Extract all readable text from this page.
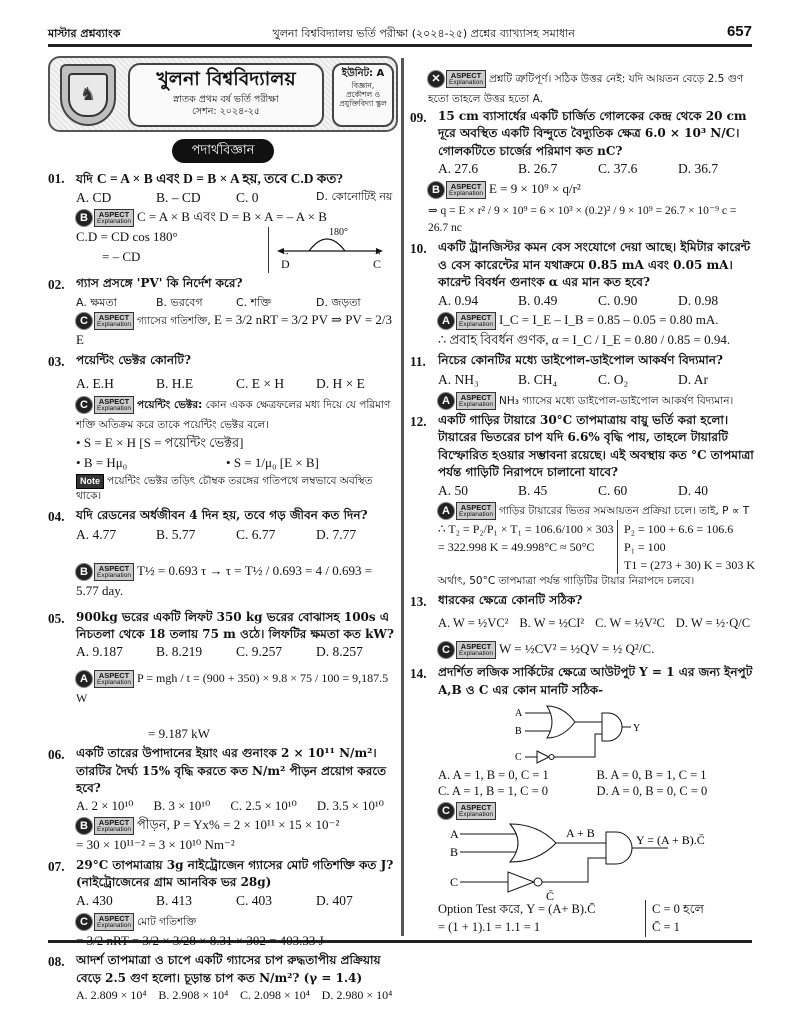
মাস্টার প্রশ্নব্যাংক	খুলনা বিশ্ববিদ্যালয় ভর্তি পরীক্ষা (২০২৪-২৫) প্রশ্নের ব্যাখ্যাসহ সমাধান	657
♞
খুলনা বিশ্ববিদ্যালয়
স্নাতক প্রথম বর্ষ ভর্তি পরীক্ষা
সেশন: ২০২৪-২৫
ইউনিট: A
বিজ্ঞান,
প্রকৌশল ও
প্রযুক্তিবিদ্যা স্কুল
পদার্থবিজ্ঞান
01. যদি C = A × B এবং D = B × A হয়, তবে C.D কত?
A. CD	B. – CD	C. 0	D. কোনোটিই নয়
B	ASPECT
Explanation C = A × B এবং D = B × A = – A × B
C.D = CD cos 180°
= – CD
180°
→ D	→ C
02. গ্যাস প্রসঙ্গে 'PV' কি নির্দেশ করে?
A. ক্ষমতা	B. ভরবেগ	C. শক্তি	D. জড়তা
C	ASPECT
Explanation গ্যাসের গতিশক্তি, E = 3/2 nRT = 3/2 PV ⇒ PV = 2/3 E
03. পয়েন্টিং ভেক্টর কোনটি?
A. E.H	B. H.E	C. E × H	D. H × E
C	ASPECT
Explanation পয়েন্টিং ভেক্টর: কোন একক ক্ষেত্রফলের মধ্য দিয়ে যে পরিমাণ শক্তি অতিক্রম করে তাকে পয়েন্টিং ভেক্টর বলে।
• S = E × H [S = পয়েন্টিং ভেক্টর]
• B = Hμ₀	• S = 1/μ₀ [E × B]
Note পয়েন্টিং ভেক্টর তড়িৎ চৌম্বক তরঙ্গের গতিপথে লম্বভাবে অবস্থিত থাকে।
04. যদি রেডনের অর্ধজীবন 4 দিন হয়, তবে গড় জীবন কত দিন?
A. 4.77	B. 5.77	C. 6.77	D. 7.77
B	ASPECT
Explanation T½ = 0.693 τ → τ = T½ / 0.693 = 4 / 0.693 = 5.77 day.
05. 900kg ভরের একটি লিফট 350 kg ভরের বোঝাসহ 100s এ নিচতলা থেকে 18 তলায় 75 m ওঠে। লিফটির ক্ষমতা কত kW?
A. 9.187	B. 8.219	C. 9.257	D. 8.257
A	ASPECT
Explanation P = mgh / t = (900 + 350) × 9.8 × 75 / 100 = 9,187.5 W
= 9.187 kW
06. একটি তারের উপাদানের ইয়াং এর গুনাংক 2 × 10¹¹ N/m²। তারটির দৈর্ঘ্য 15% বৃদ্ধি করতে কত N/m² পীড়ন প্রয়োগ করতে হবে?
A. 2 × 10¹⁰	B. 3 × 10¹⁰	C. 2.5 × 10¹⁰	D. 3.5 × 10¹⁰
B	ASPECT
Explanation পীড়ন, P = Yx% = 2 × 10¹¹ × 15 × 10⁻²
= 30 × 10¹¹⁻² = 3 × 10¹⁰ Nm⁻²
07. 29°C তাপমাত্রায় 3g নাইট্রোজেন গ্যাসের মোট গতিশক্তি কত J? (নাইট্রোজেনের গ্রাম আনবিক ভর 28g)
A. 430	B. 413	C. 403	D. 407
C	ASPECT
Explanation মোট গতিশক্তি
= 3/2 nRT = 3/2 × 3/28 × 8.31 × 302 = 403.33 J
08. আদর্শ তাপমাত্রা ও চাপে একটি গ্যাসের চাপ রুদ্ধতাপীয় প্রক্রিয়ায় বেড়ে 2.5 গুণ হলো। চূড়ান্ত চাপ কত N/m²? (γ = 1.4)
A. 2.809 × 10⁴ B. 2.908 × 10⁴ C. 2.098 × 10⁴ D. 2.980 × 10⁴
✕	ASPECT
Explanation প্রশ্নটি ত্রুটিপূর্ণ। সঠিক উত্তর নেই: যদি আয়তন বেড়ে 2.5 গুণ হতো তাহলে উত্তর হতো A.
09. 15 cm ব্যাসার্ধের একটি চার্জিত গোলকের কেন্দ্র থেকে 20 cm দূরে অবস্থিত একটি বিন্দুতে বৈদ্যুতিক ক্ষেত্র 6.0 × 10³ N/C। গোলকটিতে চার্জের পরিমাণ কত nC?
A. 27.6	B. 26.7	C. 37.6	D. 36.7
B	ASPECT
Explanation E = 9 × 10⁹ × q/r²
⇒ q = E × r² / 9 × 10⁹ = 6 × 10³ × (0.2)² / 9 × 10⁹ = 26.7 × 10⁻⁹ c = 26.7 nc
10. একটি ট্রানজিস্টর কমন বেস সংযোগে দেয়া আছে। ইমিটার কারেন্ট ও বেস কারেন্টের মান যথাক্রমে 0.85 mA এবং 0.05 mA। কারেন্ট বিবর্ধন গুনাংক α এর মান কত হবে?
A. 0.94	B. 0.49	C. 0.90	D. 0.98
A	ASPECT
Explanation I_C = I_E – I_B = 0.85 – 0.05 = 0.80 mA.
∴ প্রবাহ বিবর্ধন গুণক, α = I_C / I_E = 0.80 / 0.85 = 0.94.
11.	নিচের কোনটির মধ্যে ডাইপোল-ডাইপোল আকর্ষণ বিদ্যমান?
A. NH₃	B. CH₄	C. O₂	D. Ar
A	ASPECT
Explanation NH₃ গ্যাসের মধ্যে ডাইপোল-ডাইপোল আকর্ষণ বিদ্যমান।
12. একটি গাড়ির টায়ারে 30°C তাপমাত্রায় বায়ু ভর্তি করা হলো। টায়ারের ভিতরের চাপ যদি 6.6% বৃদ্ধি পায়, তাহলে টায়ারটি বিস্ফোরিত হওয়ার সম্ভাবনা রয়েছে। এই অবস্থায় কত °C তাপমাত্রা পর্যন্ত গাড়িটি নিরাপদে চালানো যাবে?
A. 50	B. 45	C. 60	D. 40
A	ASPECT
Explanation গাড়ির টায়ারের ভিতর সমআয়তন প্রক্রিয়া চলে। তাই, P ∝ T
∴ T₂ = P₂/P₁ × T₁ = 106.6/100 × 303
= 322.998 K = 49.998°C ≈ 50°C
P₂ = 100 + 6.6 = 106.6
P₁ = 100
T1 = (273 + 30) K = 303 K
অর্থাৎ, 50°C তাপমাত্রা পর্যন্ত গাড়িটির টায়ার নিরাপদে চলবে।
13. ধারকের ক্ষেত্রে কোনটি সঠিক?
A. W = ½VC² B. W = ½CI² C. W = ½V²C D. W = ½·Q/C
C	ASPECT
Explanation W = ½CV² = ½QV = ½ Q²/C.
14. প্রদর্শিত লজিক সার্কিটের ক্ষেত্রে আউটপুট Y = 1 এর জন্য ইনপুট A,B ও C এর কোন মানটি সঠিক-
A
B
C
Y
A. A = 1, B = 0, C = 1	B. A = 0, B = 1, C = 1
C. A = 1, B = 1, C = 0	D. A = 0, B = 0, C = 0
C	ASPECT
Explanation
A
B
C
A + B
C̄
Y = (A + B).C̄
Option Test করে, Y = (A+ B).C̄
= (1 + 1).1 = 1.1 = 1
C = 0 হলে
C̄ = 1
